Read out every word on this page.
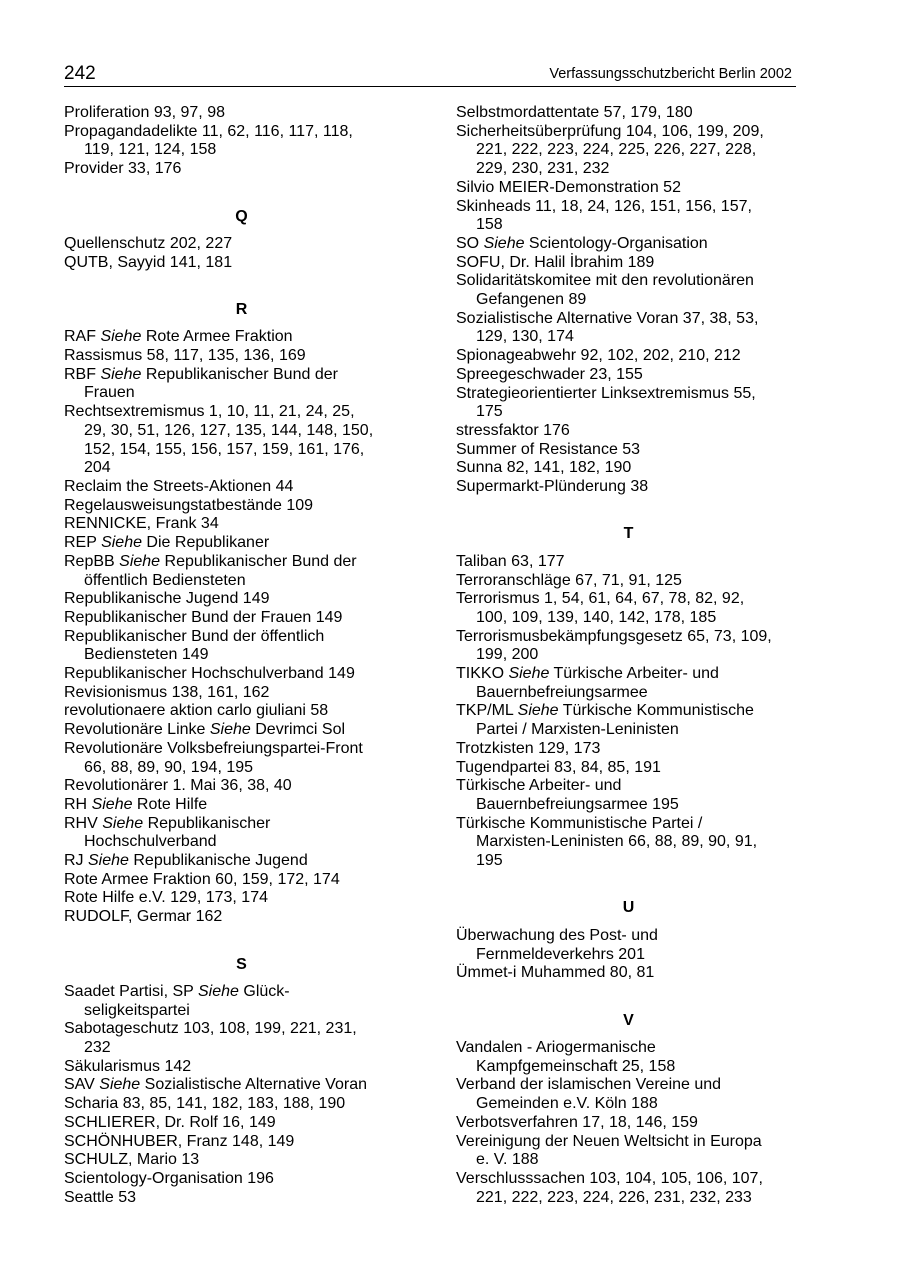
242	Verfassungsschutzbericht Berlin 2002

Proliferation 93, 97, 98

Propagandadelikte 11, 62, 116, 117, 118,
119, 121, 124, 158

Provider 33, 176

Q

Quellenschutz 202, 227

QUTB, Sayyid 141, 181

R

RAF Siehe Rote Armee Fraktion

Rassismus 58, 117, 135, 136, 169

RBF Siehe Republikanischer Bund der
Frauen

Rechtsextremismus 1, 10, 11, 21, 24, 25,
29, 30, 51, 126, 127, 135, 144, 148, 150,
152, 154, 155, 156, 157, 159, 161, 176,
204

Reclaim the Streets-Aktionen 44

Regelausweisungstatbestände 109

RENNICKE, Frank 34

REP Siehe Die Republikaner

RepBB Siehe Republikanischer Bund der
öffentlich Bediensteten

Republikanische Jugend 149

Republikanischer Bund der Frauen 149

Republikanischer Bund der öffentlich
Bediensteten 149

Republikanischer Hochschulverband 149

Revisionismus 138, 161, 162

revolutionaere aktion carlo giuliani 58

Revolutionäre Linke Siehe Devrimci Sol

Revolutionäre Volksbefreiungspartei-Front
66, 88, 89, 90, 194, 195

Revolutionärer 1. Mai 36, 38, 40

RH Siehe Rote Hilfe

RHV Siehe Republikanischer
Hochschulverband

RJ Siehe Republikanische Jugend

Rote Armee Fraktion 60, 159, 172, 174

Rote Hilfe e.V. 129, 173, 174

RUDOLF, Germar 162

S

Saadet Partisi, SP Siehe Glück-
seligkeitspartei

Sabotageschutz 103, 108, 199, 221, 231,
232

Säkularismus 142

SAV Siehe Sozialistische Alternative Voran

Scharia 83, 85, 141, 182, 183, 188, 190

SCHLIERER, Dr. Rolf 16, 149

SCHÖNHUBER, Franz 148, 149

SCHULZ, Mario 13

Scientology-Organisation 196

Seattle 53

Selbstmordattentate 57, 179, 180

Sicherheitsüberprüfung 104, 106, 199, 209,
221, 222, 223, 224, 225, 226, 227, 228,
229, 230, 231, 232

Silvio MEIER-Demonstration 52

Skinheads 11, 18, 24, 126, 151, 156, 157,
158

SO Siehe Scientology-Organisation

SOFU, Dr. Halil İbrahim 189

Solidaritätskomitee mit den revolutionären
Gefangenen 89

Sozialistische Alternative Voran 37, 38, 53,
129, 130, 174

Spionageabwehr 92, 102, 202, 210, 212

Spreegeschwader 23, 155

Strategieorientierter Linksextremismus 55,
175

stressfaktor 176

Summer of Resistance 53

Sunna 82, 141, 182, 190

Supermarkt-Plünderung 38

T

Taliban 63, 177

Terroranschläge 67, 71, 91, 125

Terrorismus 1, 54, 61, 64, 67, 78, 82, 92,
100, 109, 139, 140, 142, 178, 185

Terrorismusbekämpfungsgesetz 65, 73, 109,
199, 200

TIKKO Siehe Türkische Arbeiter- und
Bauernbefreiungsarmee

TKP/ML Siehe Türkische Kommunistische
Partei / Marxisten-Leninisten

Trotzkisten 129, 173

Tugendpartei 83, 84, 85, 191

Türkische Arbeiter- und
Bauernbefreiungsarmee 195

Türkische Kommunistische Partei /
Marxisten-Leninisten 66, 88, 89, 90, 91,
195

U

Überwachung des Post- und
Fernmeldeverkehrs 201

Ümmet-i Muhammed 80, 81

V

Vandalen - Ariogermanische
Kampfgemeinschaft 25, 158

Verband der islamischen Vereine und
Gemeinden e.V. Köln 188

Verbotsverfahren 17, 18, 146, 159

Vereinigung der Neuen Weltsicht in Europa
e. V. 188

Verschlusssachen 103, 104, 105, 106, 107,
221, 222, 223, 224, 226, 231, 232, 233
